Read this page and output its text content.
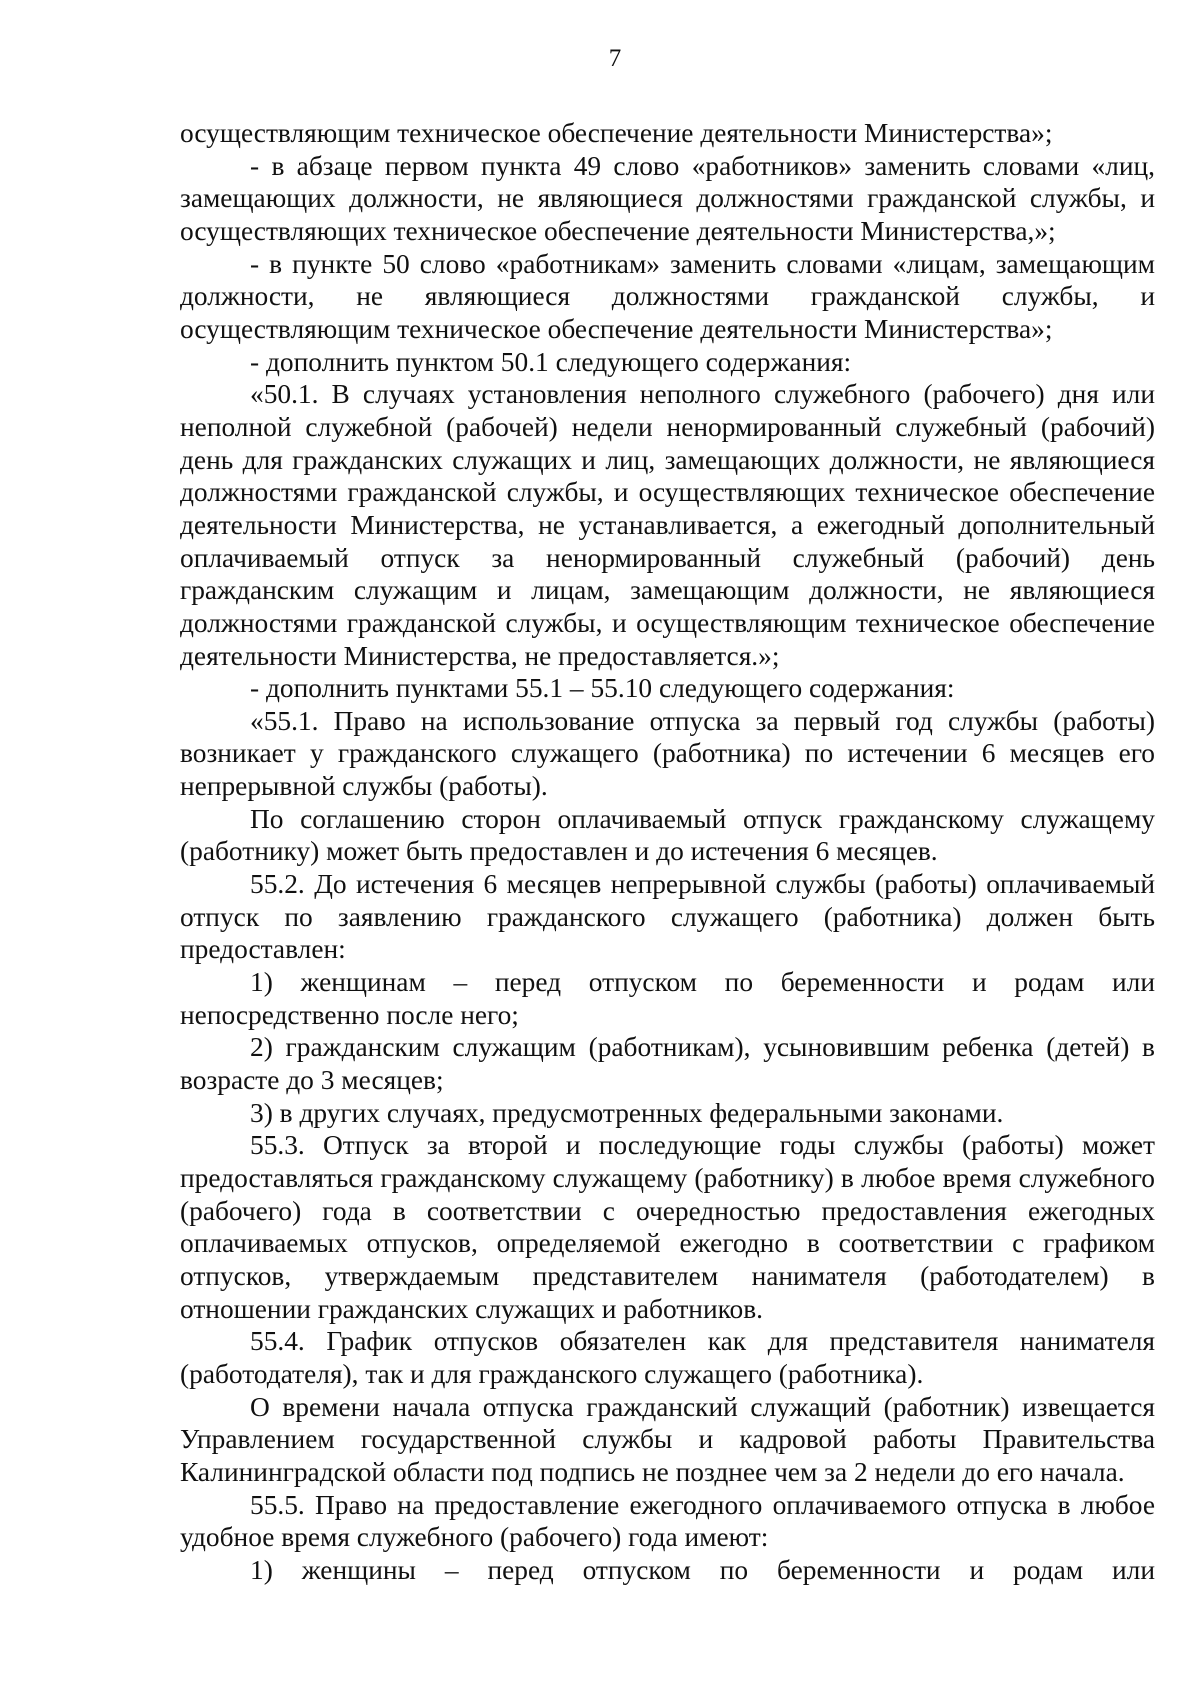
7

осуществляющим техническое обеспечение деятельности Министерства»;

- в абзаце первом пункта 49 слово «работников» заменить словами «лиц, замещающих должности, не являющиеся должностями гражданской службы, и осуществляющих техническое обеспечение деятельности Министерства,»;

- в пункте 50 слово «работникам» заменить словами «лицам, замещающим должности, не являющиеся должностями гражданской службы, и осуществляющим техническое обеспечение деятельности Министерства»;

- дополнить пунктом 50.1 следующего содержания:

«50.1. В случаях установления неполного служебного (рабочего) дня или неполной служебной (рабочей) недели ненормированный служебный (рабочий) день для гражданских служащих и лиц, замещающих должности, не являющиеся должностями гражданской службы, и осуществляющих техническое обеспечение деятельности Министерства, не устанавливается, а ежегодный дополнительный оплачиваемый отпуск за ненормированный служебный (рабочий) день гражданским служащим и лицам, замещающим должности, не являющиеся должностями гражданской службы, и осуществляющим техническое обеспечение деятельности Министерства, не предоставляется.»;

- дополнить пунктами 55.1 – 55.10 следующего содержания:

«55.1. Право на использование отпуска за первый год службы (работы) возникает у гражданского служащего (работника) по истечении 6 месяцев его непрерывной службы (работы).

По соглашению сторон оплачиваемый отпуск гражданскому служащему (работнику) может быть предоставлен и до истечения 6 месяцев.

55.2. До истечения 6 месяцев непрерывной службы (работы) оплачиваемый отпуск по заявлению гражданского служащего (работника) должен быть предоставлен:

1) женщинам – перед отпуском по беременности и родам или непосредственно после него;

2) гражданским служащим (работникам), усыновившим ребенка (детей) в возрасте до 3 месяцев;

3) в других случаях, предусмотренных федеральными законами.

55.3. Отпуск за второй и последующие годы службы (работы) может предоставляться гражданскому служащему (работнику) в любое время служебного (рабочего) года в соответствии с очередностью предоставления ежегодных оплачиваемых отпусков, определяемой ежегодно в соответствии с графиком отпусков, утверждаемым представителем нанимателя (работодателем) в отношении гражданских служащих и работников.

55.4. График отпусков обязателен как для представителя нанимателя (работодателя), так и для гражданского служащего (работника).

О времени начала отпуска гражданский служащий (работник) извещается Управлением государственной службы и кадровой работы Правительства Калининградской области под подпись не позднее чем за 2 недели до его начала.

55.5. Право на предоставление ежегодного оплачиваемого отпуска в любое удобное время служебного (рабочего) года имеют:

1) женщины – перед отпуском по беременности и родам или
